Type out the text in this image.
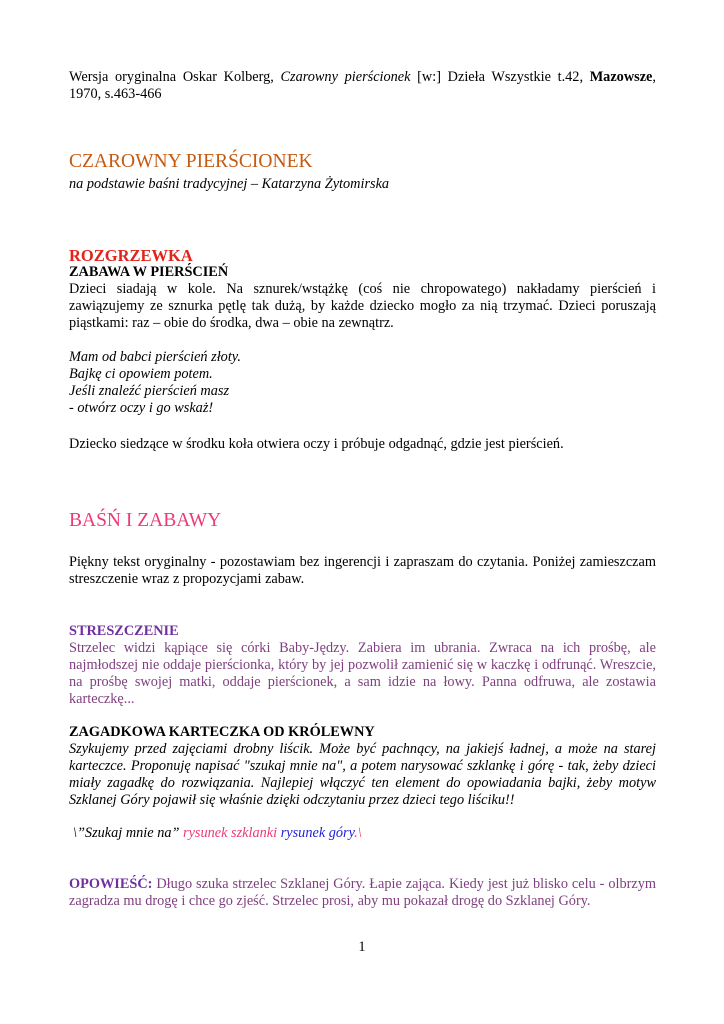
Wersja oryginalna Oskar Kolberg, Czarowny pierścionek [w:] Dzieła Wszystkie t.42, Mazowsze, 1970, s.463-466
CZAROWNY PIERŚCIONEK
na podstawie baśni tradycyjnej – Katarzyna Żytomirska
ROZGRZEWKA
ZABAWA W PIERŚCIEŃ
Dzieci siadają w kole. Na sznurek/wstążkę (coś nie chropowatego) nakładamy pierścień i zawiązujemy ze sznurka pętlę tak dużą, by każde dziecko mogło za nią trzymać. Dzieci poruszają piąstkami: raz – obie do środka, dwa – obie na zewnątrz.
Mam od babci pierścień złoty.
Bajkę ci opowiem potem.
Jeśli znaleźć pierścień masz
- otwórz oczy i go wskaż!
Dziecko siedzące w środku koła otwiera oczy i próbuje odgadnąć, gdzie jest pierścień.
BAŚŃ I ZABAWY
Piękny tekst oryginalny - pozostawiam bez ingerencji i zapraszam do czytania. Poniżej zamieszczam streszczenie wraz z propozycjami zabaw.
STRESZCZENIE
Strzelec widzi kąpiące się córki Baby-Jędzy. Zabiera im ubrania. Zwraca na ich prośbę, ale najmłodszej nie oddaje pierścionka, który by jej pozwolił zamienić się w kaczkę i odfrunąć. Wreszcie, na prośbę swojej matki, oddaje pierścionek, a sam idzie na łowy. Panna odfruwa, ale zostawia karteczkę...
ZAGADKOWA KARTECZKA OD KRÓLEWNY
Szykujemy przed zajęciami drobny liścik. Może być pachnący, na jakiejś ładnej, a może na starej karteczce. Proponuję napisać "szukaj mnie na", a potem narysować szklankę i górę - tak, żeby dzieci miały zagadkę do rozwiązania. Najlepiej włączyć ten element do opowiadania bajki, żeby motyw Szklanej Góry pojawił się właśnie dzięki odczytaniu przez dzieci tego liściku!!
\”Szukaj mnie na” rysunek szklanki rysunek góry.\
OPOWIEŚĆ: Długo szuka strzelec Szklanej Góry. Łapie zająca. Kiedy jest już blisko celu - olbrzym zagradza mu drogę i chce go zjeść. Strzelec prosi, aby mu pokazał drogę do Szklanej Góry.
1
